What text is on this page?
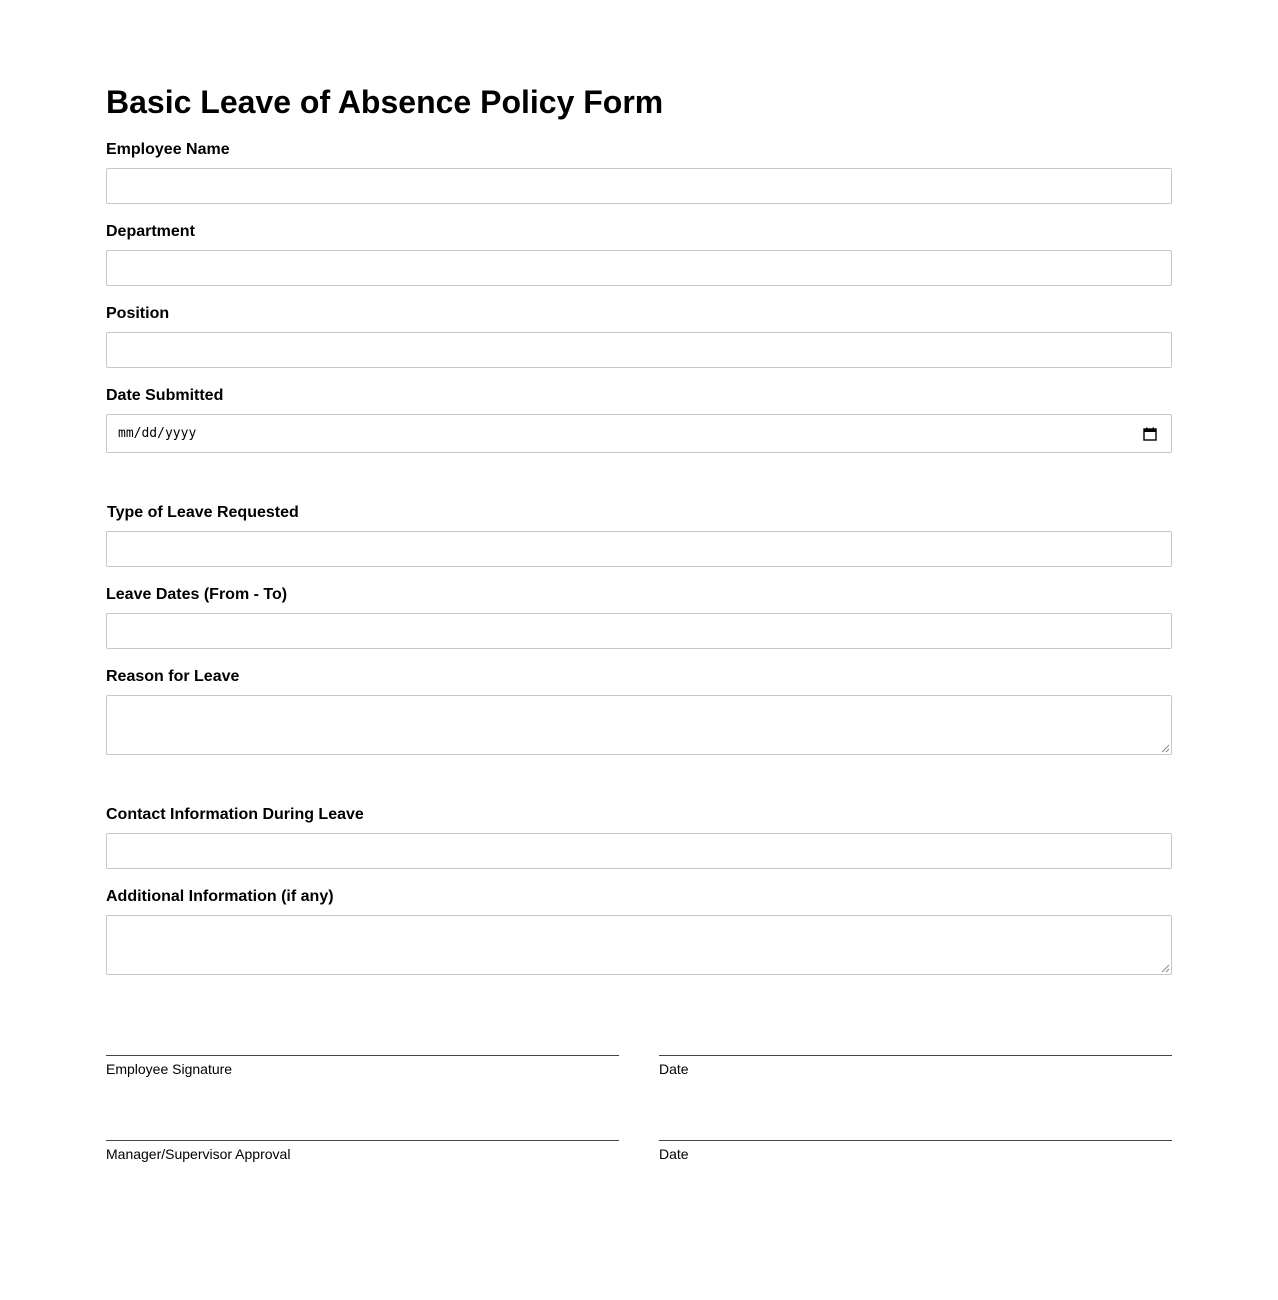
Basic Leave of Absence Policy Form
Employee Name
Department
Position
Date Submitted
mm/dd/yyyy
Type of Leave Requested
Leave Dates (From - To)
Reason for Leave
Contact Information During Leave
Additional Information (if any)
Employee Signature	Date
Manager/Supervisor Approval	Date
